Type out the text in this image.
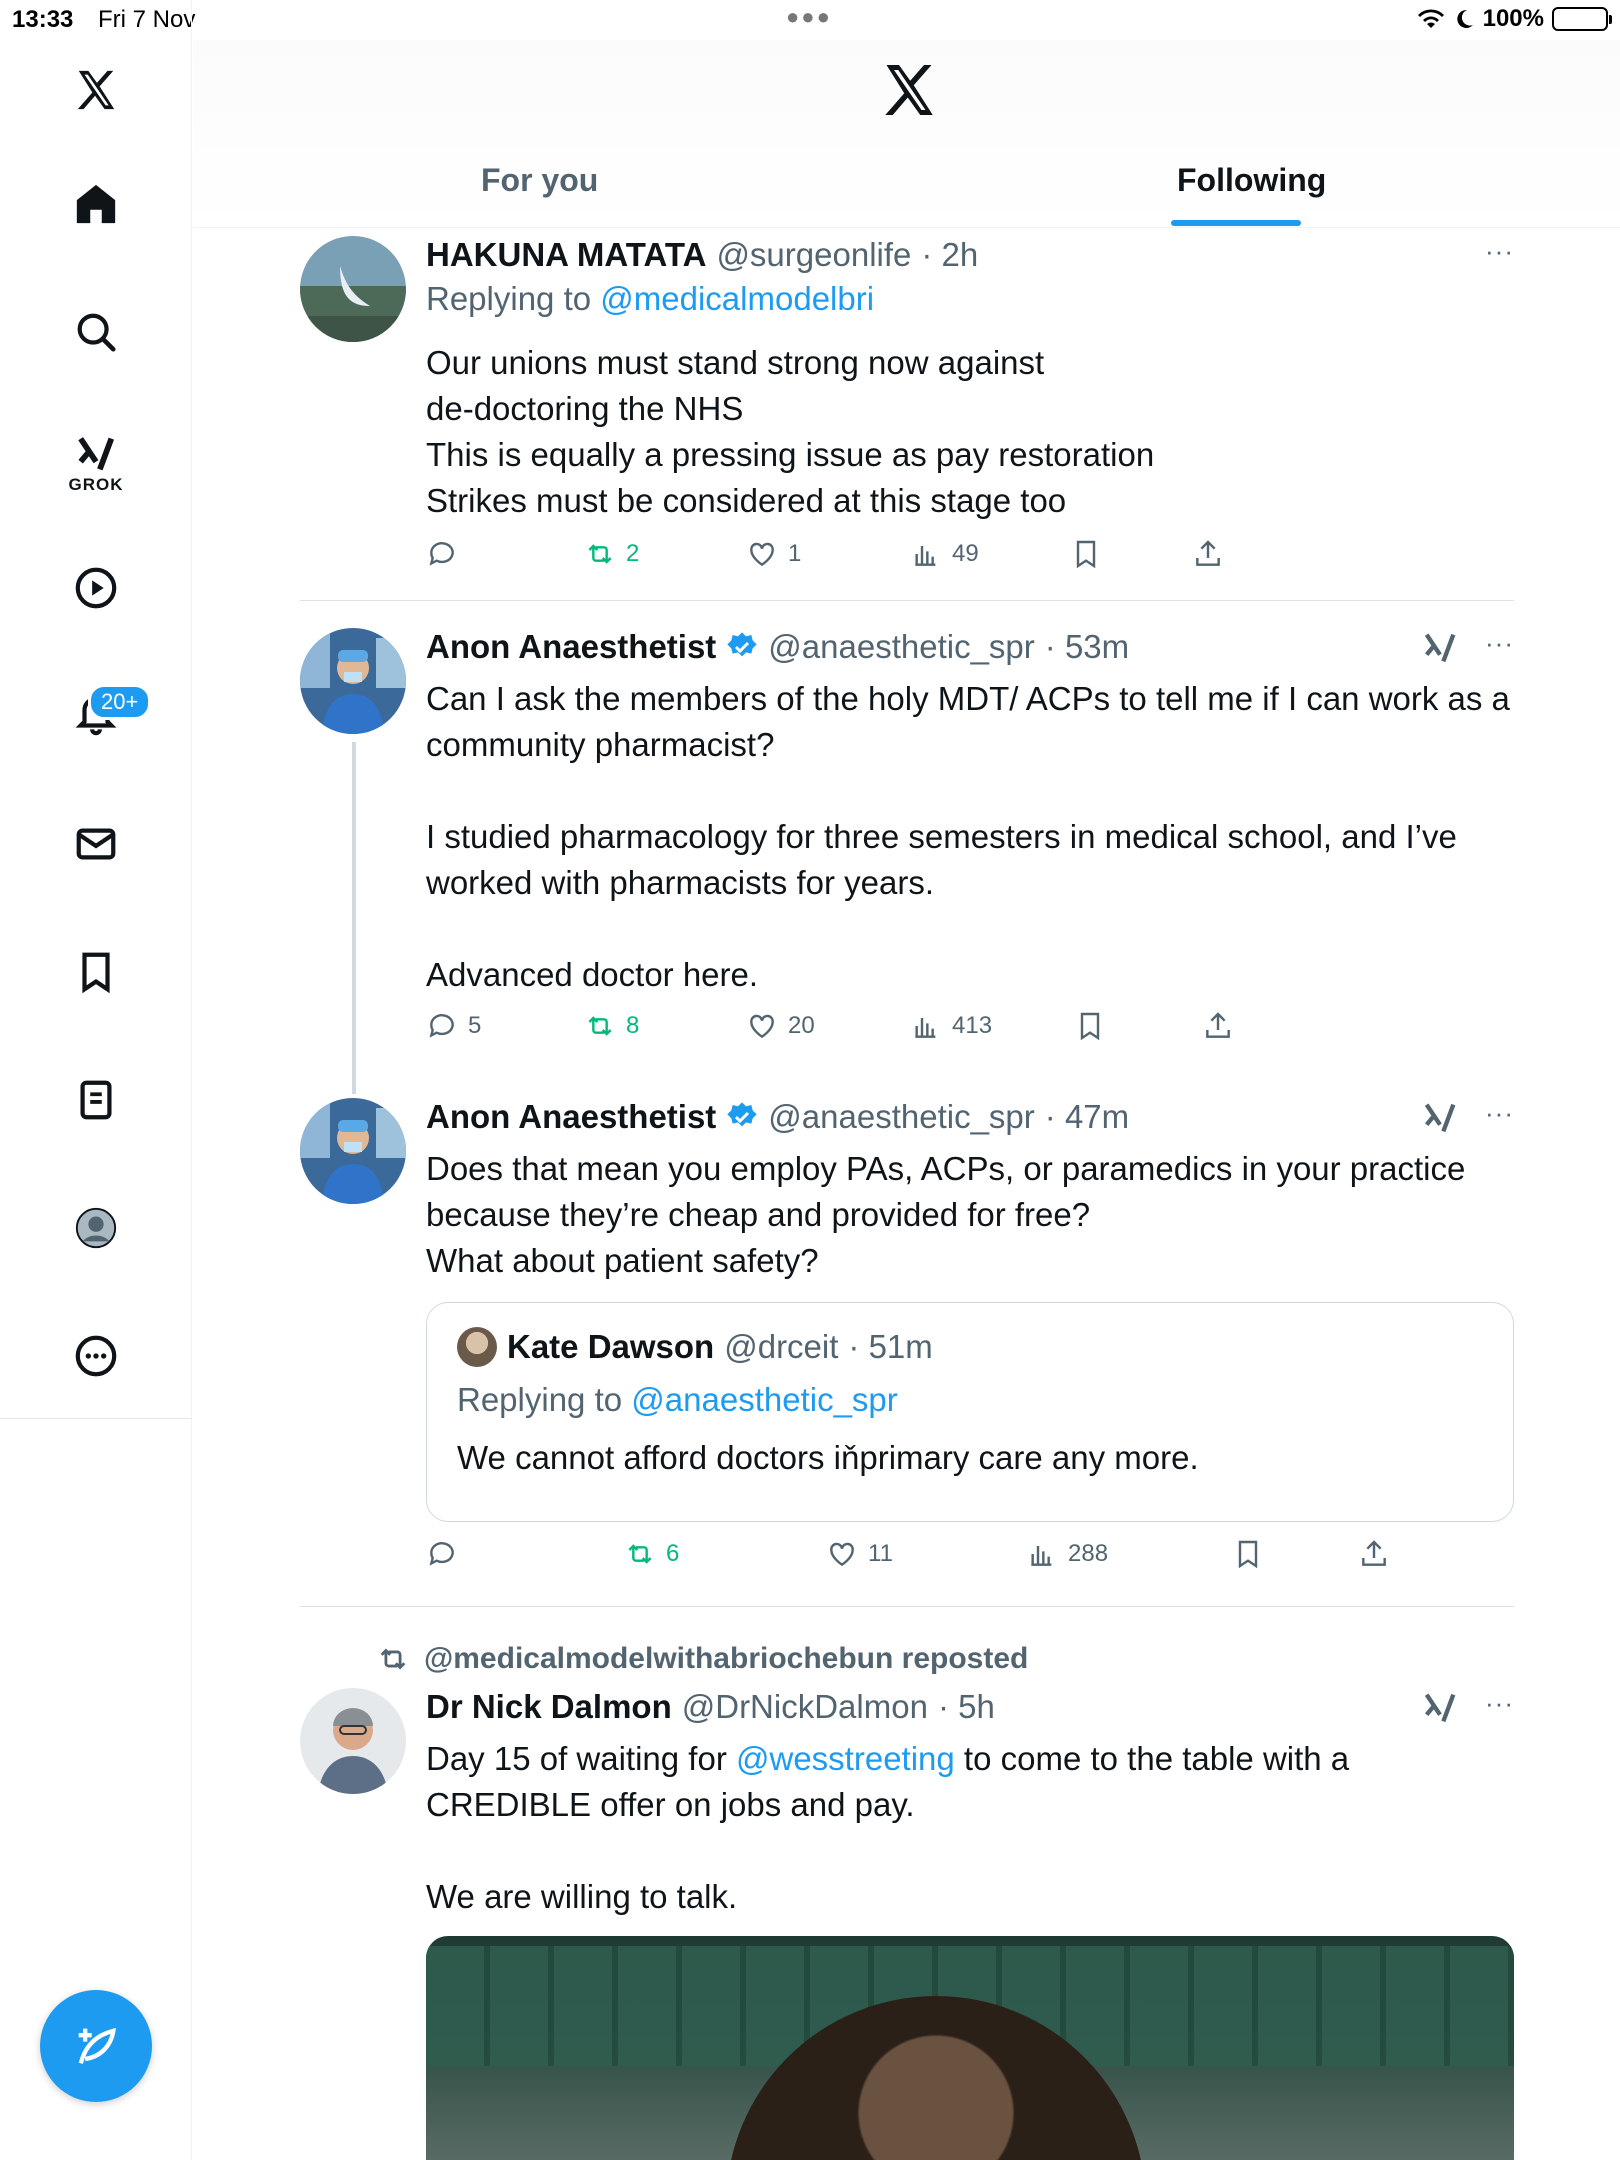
13:33 Fri 7 Nov	●●●	100%
GROK
20+
For you	Following
HAKUNA MATATA @surgeonlife · 2h
Replying to @medicalmodelbri
Our unions must stand strong now against
de-doctoring the NHS
This is equally a pressing issue as pay restoration
Strikes must be considered at this stage too
···
2	1	49
Anon Anaesthetist @anaesthetic_spr · 53m
Can I ask the members of the holy MDT/ ACPs to tell me if I can work as a community pharmacist?

I studied pharmacology for three semesters in medical school, and I’ve worked with pharmacists for years.

Advanced doctor here.
···
5	8	20	413
Anon Anaesthetist @anaesthetic_spr · 47m
Does that mean you employ PAs, ACPs, or paramedics in your practice because they’re cheap and provided for free?
What about patient safety?
···
Kate Dawson @drceit · 51m
Replying to @anaesthetic_spr
We cannot afford doctors iňprimary care any more.
6	11	288
@medicalmodelwithabriochebun reposted
Dr Nick Dalmon @DrNickDalmon · 5h
Day 15 of waiting for @wesstreeting to come to the table with a CREDIBLE offer on jobs and pay.

We are willing to talk.
···
